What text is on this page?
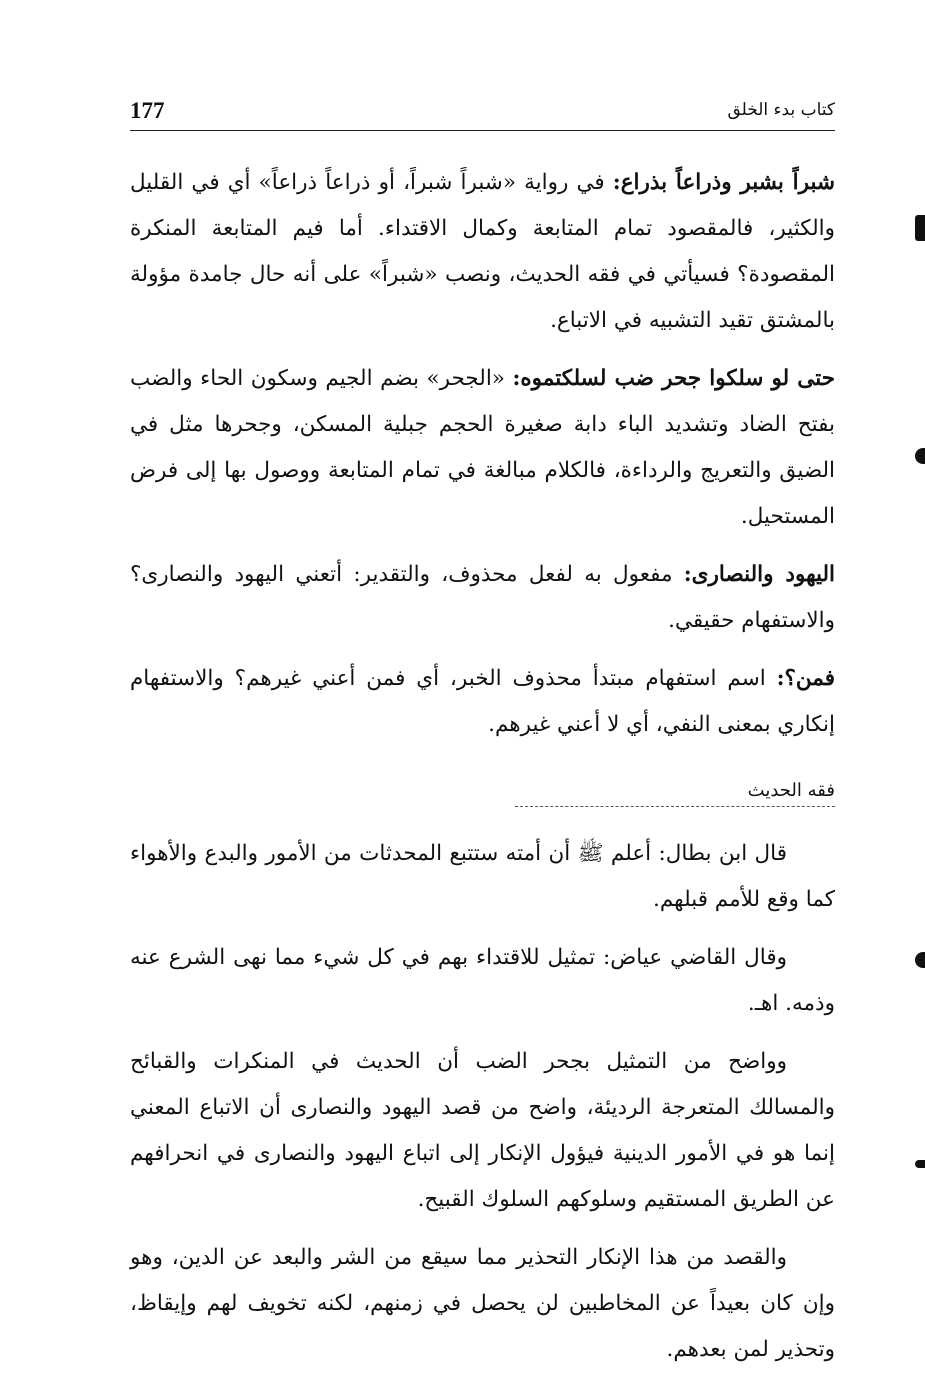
177	كتاب بدء الخلق

شبراً بشبر وذراعاً بذراع: في رواية «شبراً شبراً، أو ذراعاً ذراعاً» أي في القليل والكثير، فالمقصود تمام المتابعة وكمال الاقتداء. أما فيم المتابعة المنكرة المقصودة؟ فسيأتي في فقه الحديث، ونصب «شبراً» على أنه حال جامدة مؤولة بالمشتق تقيد التشبيه في الاتباع.

حتى لو سلكوا جحر ضب لسلكتموه: «الجحر» بضم الجيم وسكون الحاء والضب بفتح الضاد وتشديد الباء دابة صغيرة الحجم جبلية المسكن، وجحرها مثل في الضيق والتعريج والرداءة، فالكلام مبالغة في تمام المتابعة ووصول بها إلى فرض المستحيل.

اليهود والنصارى: مفعول به لفعل محذوف، والتقدير: أتعني اليهود والنصارى؟ والاستفهام حقيقي.

فمن؟: اسم استفهام مبتدأ محذوف الخبر، أي فمن أعني غيرهم؟ والاستفهام إنكاري بمعنى النفي، أي لا أعني غيرهم.

فقه الحديث

قال ابن بطال: أعلم ﷺ أن أمته ستتبع المحدثات من الأمور والبدع والأهواء كما وقع للأمم قبلهم.

وقال القاضي عياض: تمثيل للاقتداء بهم في كل شيء مما نهى الشرع عنه وذمه. اهـ.

وواضح من التمثيل بجحر الضب أن الحديث في المنكرات والقبائح والمسالك المتعرجة الرديئة، واضح من قصد اليهود والنصارى أن الاتباع المعني إنما هو في الأمور الدينية فيؤول الإنكار إلى اتباع اليهود والنصارى في انحرافهم عن الطريق المستقيم وسلوكهم السلوك القبيح.

والقصد من هذا الإنكار التحذير مما سيقع من الشر والبعد عن الدين، وهو وإن كان بعيداً عن المخاطبين لن يحصل في زمنهم، لكنه تخويف لهم وإيقاظ، وتحذير لمن بعدهم.
